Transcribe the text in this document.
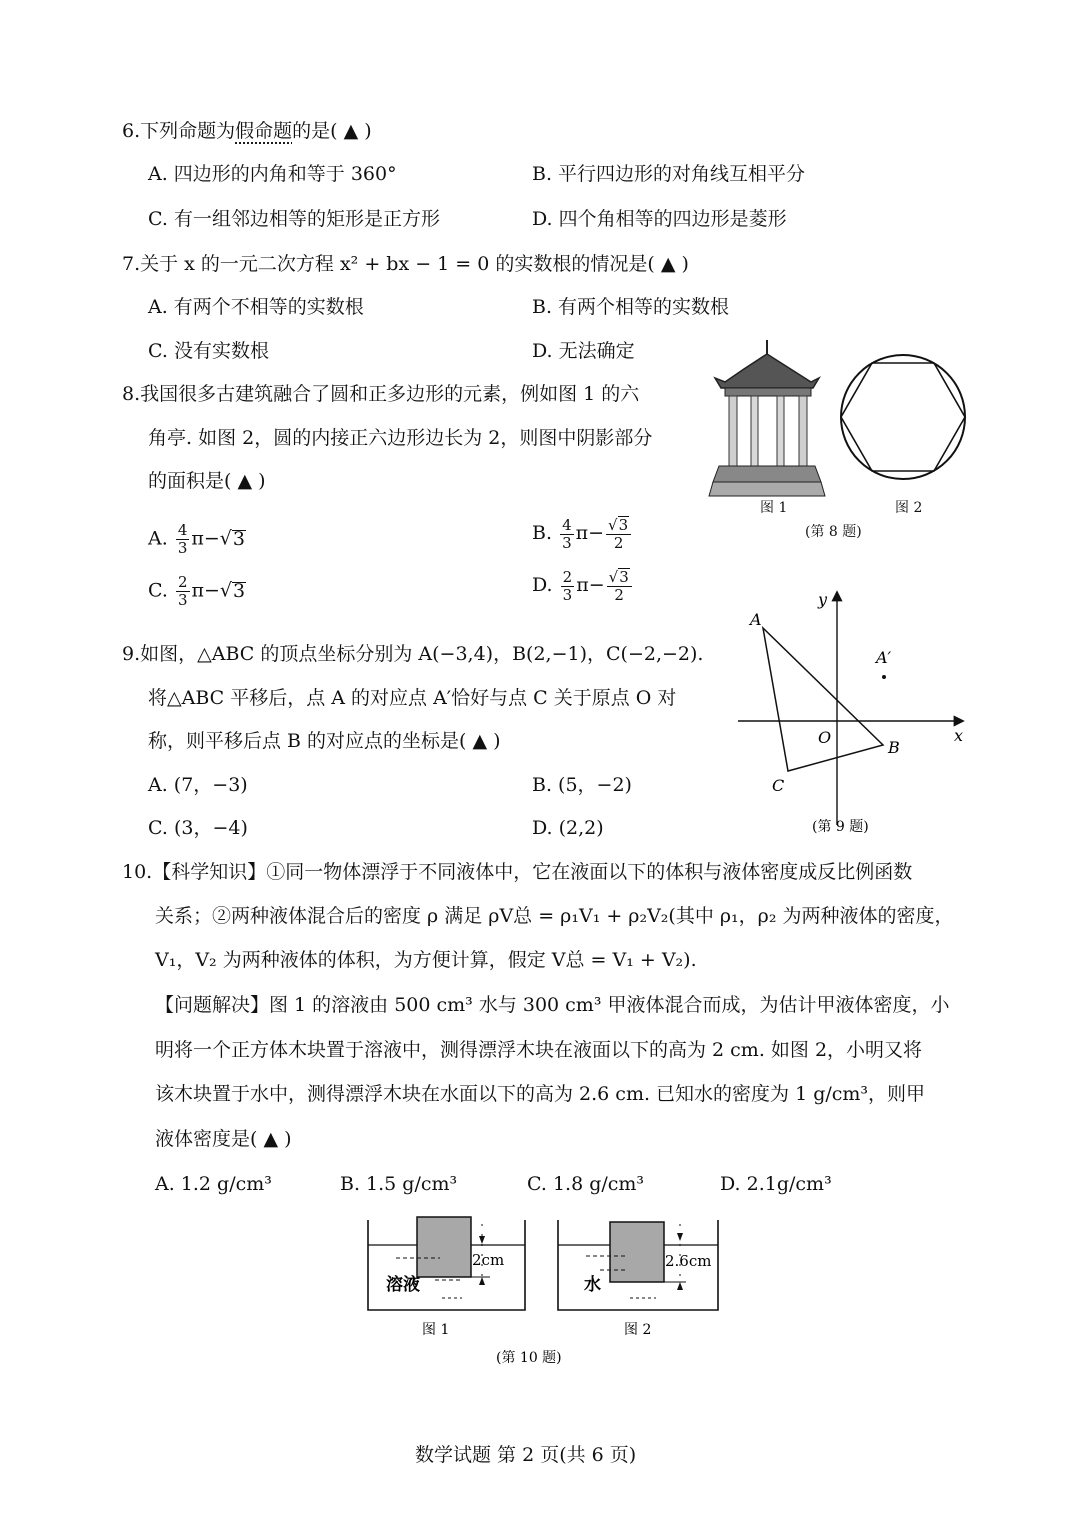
6.下列命题为假命题的是( ▲ )
A. 四边形的内角和等于 360°	B. 平行四边形的对角线互相平分
C. 有一组邻边相等的矩形是正方形	D. 四个角相等的四边形是菱形
7.关于 x 的一元二次方程 x² + bx − 1 = 0 的实数根的情况是( ▲ )
A. 有两个不相等的实数根	B. 有两个相等的实数根
C. 没有实数根	D. 无法确定
8.我国很多古建筑融合了圆和正多边形的元素，例如图 1 的六
角亭. 如图 2，圆的内接正六边形边长为 2，则图中阴影部分
的面积是( ▲ )
A. $\frac{4}{3} \pi-√3$	B. $\frac{4}{3} \pi- \frac{√3}{2}$
C. $\frac{2}{3} \pi-√3$	D. $\frac{2}{3} \pi- \frac{√3}{2}$
图 1	图 2
(第 8 题)
9.如图，△ABC 的顶点坐标分别为 A(−3,4)，B(2,−1)，C(−2,−2).
将△ABC 平移后，点 A 的对应点 A′恰好与点 C 关于原点 O 对
称，则平移后点 B 的对应点的坐标是( ▲ )
A. (7，−3)	B. (5，−2)
C. (3，−4)	D. (2,2)
y
x
O
A
B
C
A′
(第 9 题)
10.【科学知识】①同一物体漂浮于不同液体中，它在液面以下的体积与液体密度成反比例函数
关系；②两种液体混合后的密度 ρ 满足 ρV总 = ρ₁V₁ + ρ₂V₂(其中 ρ₁，ρ₂ 为两种液体的密度，
V₁，V₂ 为两种液体的体积，为方便计算，假定 V总 = V₁ + V₂).
【问题解决】图 1 的溶液由 500 cm³ 水与 300 cm³ 甲液体混合而成，为估计甲液体密度，小
明将一个正方体木块置于溶液中，测得漂浮木块在液面以下的高为 2 cm. 如图 2，小明又将
该木块置于水中，测得漂浮木块在水面以下的高为 2.6 cm. 已知水的密度为 1 g/cm³，则甲
液体密度是( ▲ )
A. 1.2 g/cm³	B. 1.5 g/cm³	C. 1.8 g/cm³	D. 2.1g/cm³
2cm
溶液
图 1
2.6cm
水
图 2
(第 10 题)
数学试题 第 2 页(共 6 页)
